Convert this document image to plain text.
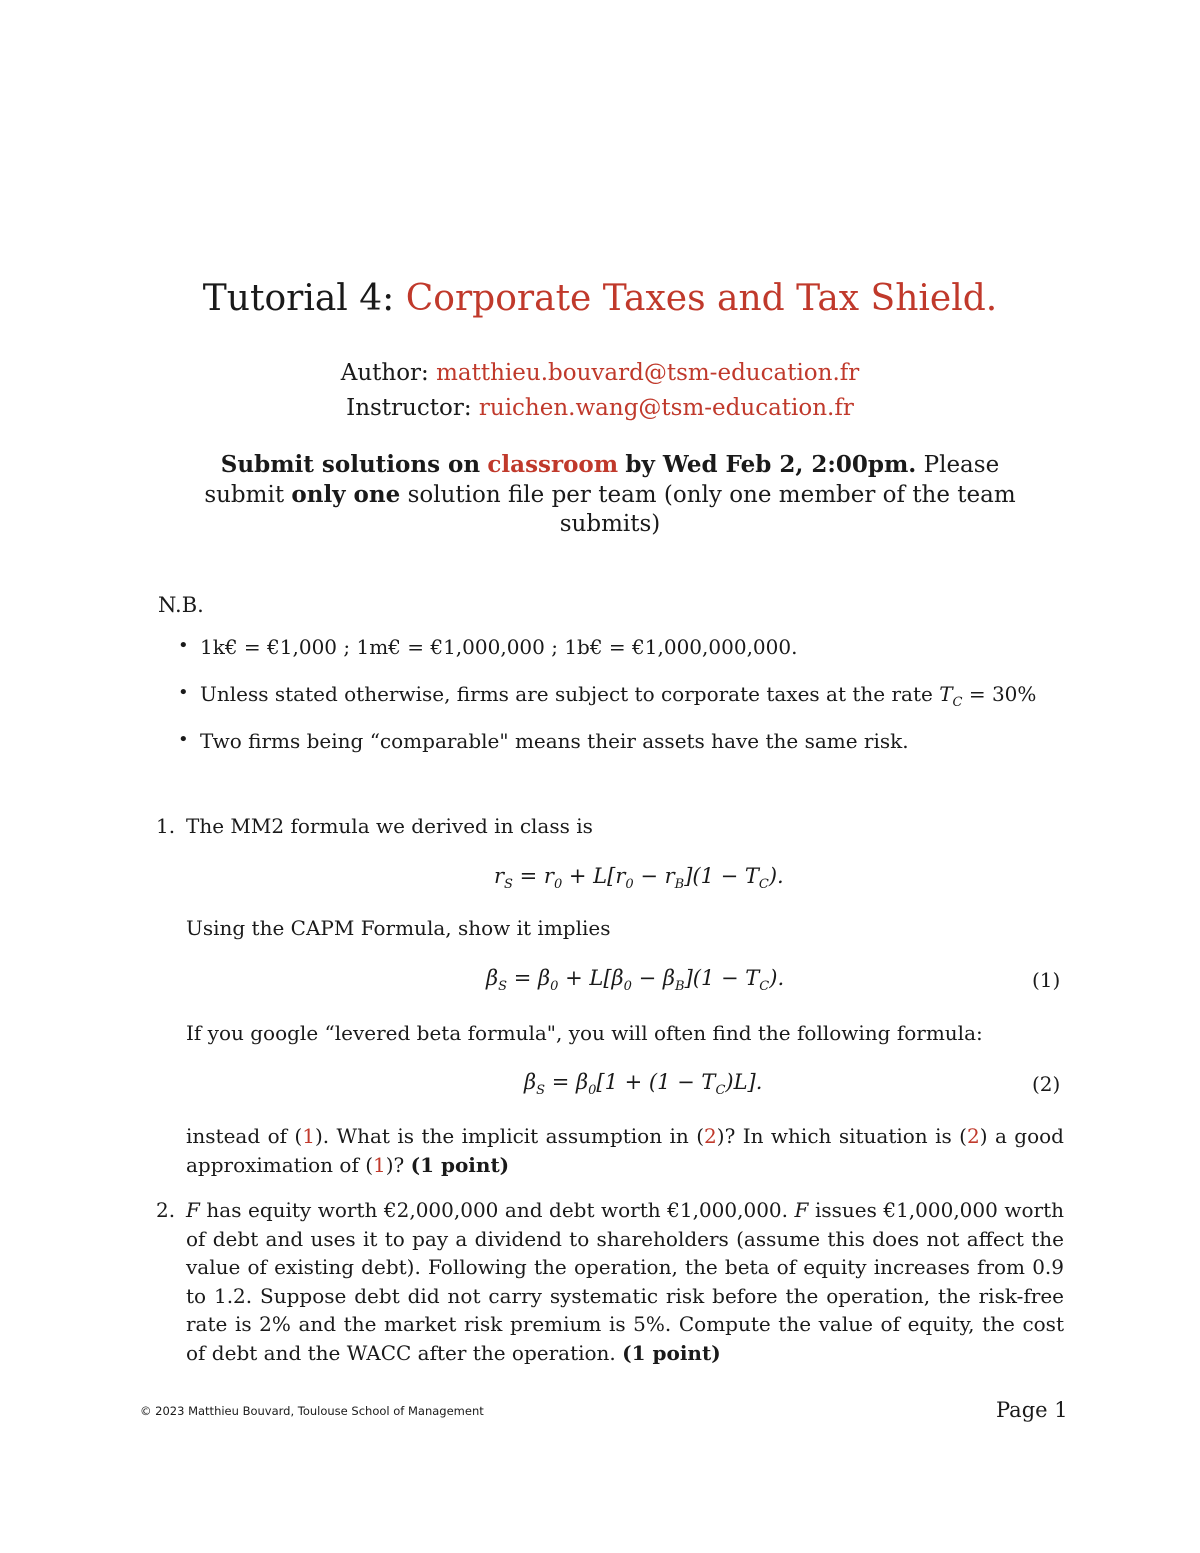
Tutorial 4: Corporate Taxes and Tax Shield.
Author: matthieu.bouvard@tsm-education.fr
Instructor: ruichen.wang@tsm-education.fr
Submit solutions on classroom by Wed Feb 2, 2:00pm. Please submit only one solution file per team (only one member of the team submits)
N.B.
• 1k€ = €1,000 ; 1m€ = €1,000,000 ; 1b€ = €1,000,000,000.
• Unless stated otherwise, firms are subject to corporate taxes at the rate $T_C = 30\%$
• Two firms being “comparable" means their assets have the same risk.
1. The MM2 formula we derived in class is
$r_S = r_0 + L[r_0 - r_B](1 - T_C)$.
Using the CAPM Formula, show it implies
$\beta_S = \beta_0 + L[\beta_0 - \beta_B](1 - T_C)$.	(1)
If you google “levered beta formula", you will often find the following formula:
$\beta_S = \beta_0[1 + (1 - T_C)L]$.	(2)
instead of (1). What is the implicit assumption in (2)? In which situation is (2) a good approximation of (1)? (1 point)
2. F has equity worth €2,000,000 and debt worth €1,000,000. F issues €1,000,000 worth of debt and uses it to pay a dividend to shareholders (assume this does not affect the value of existing debt). Following the operation, the beta of equity increases from 0.9 to 1.2. Suppose debt did not carry systematic risk before the operation, the risk-free rate is 2% and the market risk premium is 5%. Compute the value of equity, the cost of debt and the WACC after the operation. (1 point)
© 2023 Matthieu Bouvard, Toulouse School of Management	Page 1
